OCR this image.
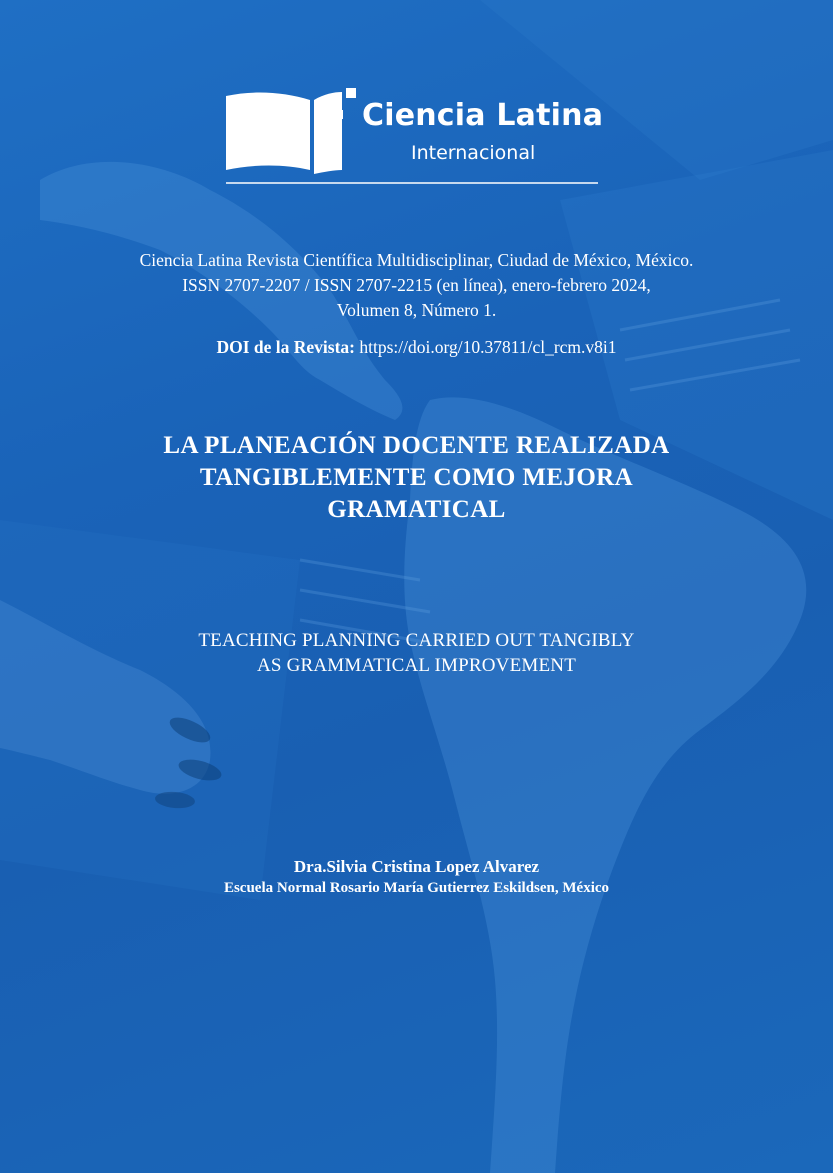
Ciencia Latina
Internacional
Ciencia Latina Revista Científica Multidisciplinar, Ciudad de México, México.
ISSN 2707-2207 / ISSN 2707-2215 (en línea), enero-febrero 2024,
Volumen 8, Número 1.
DOI de la Revista: https://doi.org/10.37811/cl_rcm.v8i1
LA PLANEACIÓN DOCENTE REALIZADA
TANGIBLEMENTE COMO MEJORA
GRAMATICAL
TEACHING PLANNING CARRIED OUT TANGIBLY
AS GRAMMATICAL IMPROVEMENT
Dra.Silvia Cristina Lopez Alvarez
Escuela Normal Rosario María Gutierrez Eskildsen, México
